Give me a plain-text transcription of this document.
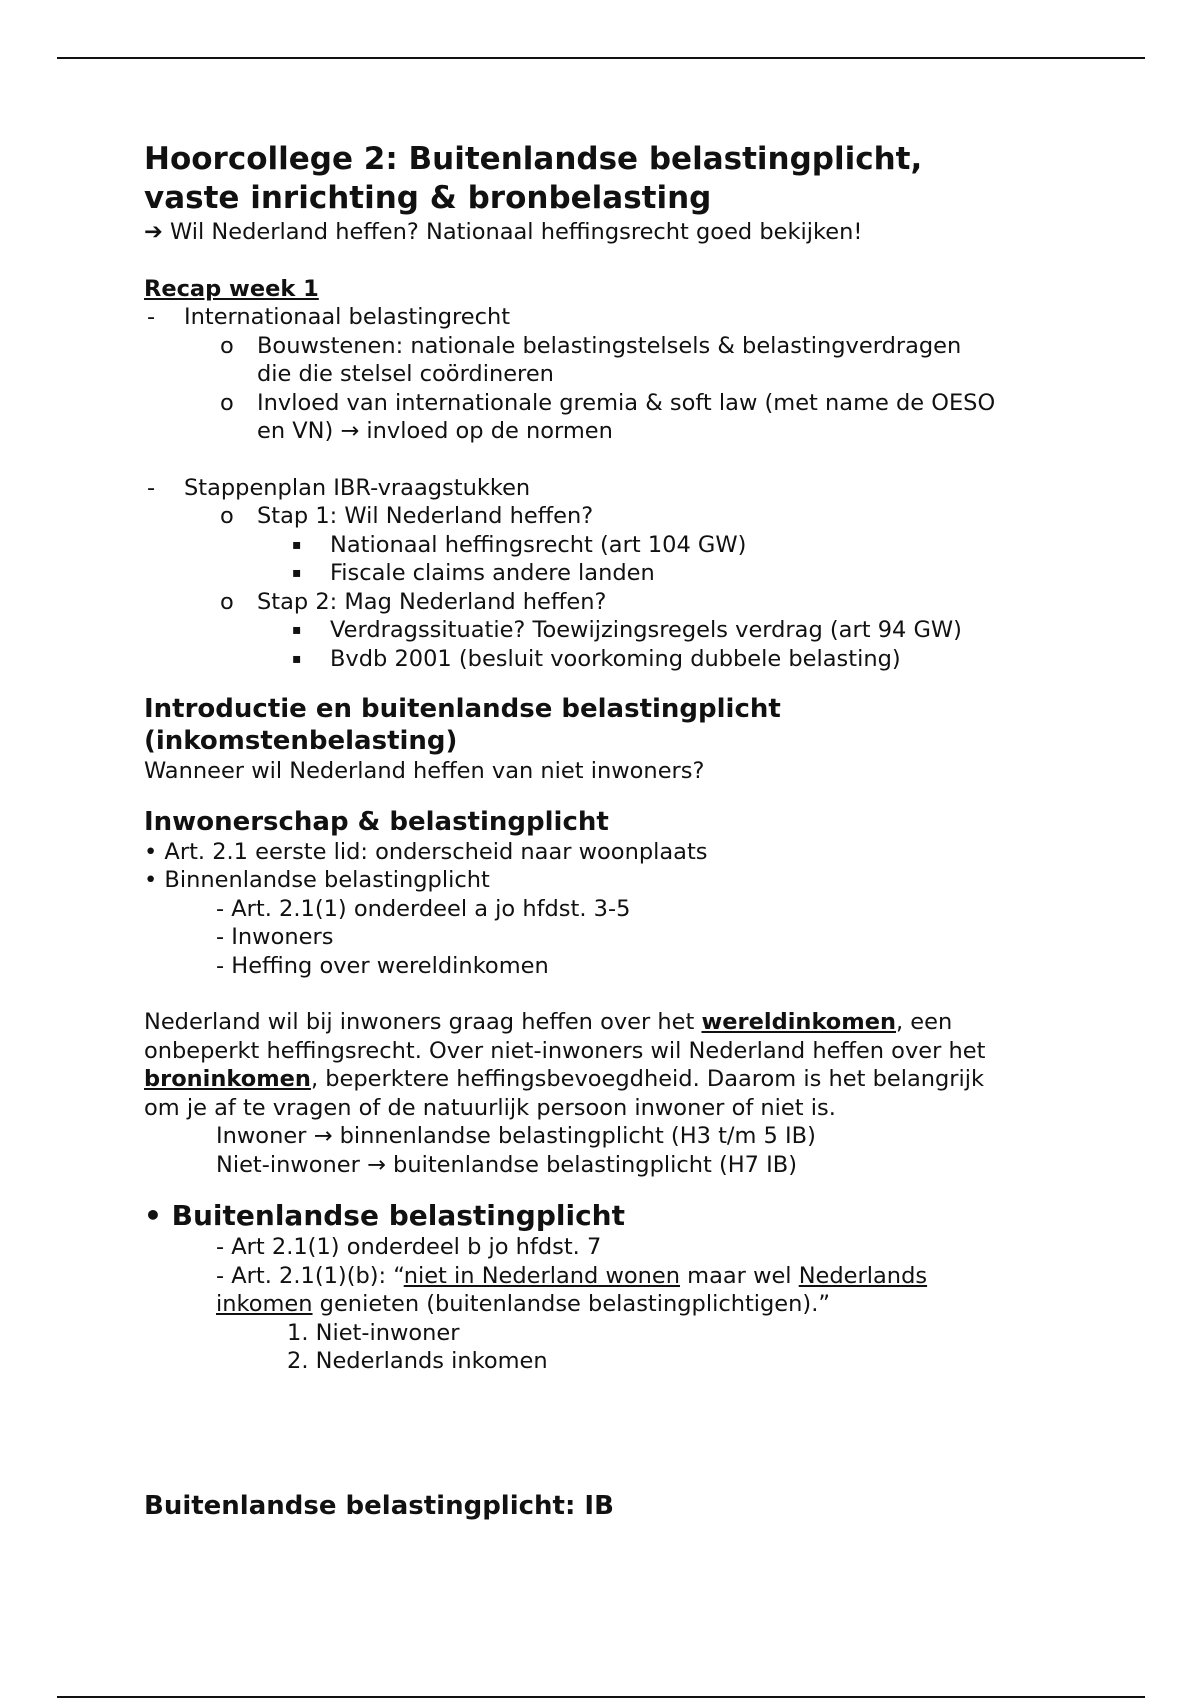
Hoorcollege 2: Buitenlandse belastingplicht,
vaste inrichting & bronbelasting

➔ Wil Nederland heffen? Nationaal heffingsrecht goed bekijken!

Recap week 1

- Internationaal belastingrecht
o Bouwstenen: nationale belastingstelsels & belastingverdragen
die die stelsel coördineren
o Invloed van internationale gremia & soft law (met name de OESO
en VN) → invloed op de normen
- Stappenplan IBR-vraagstukken
o Stap 1: Wil Nederland heffen?
▪ Nationaal heffingsrecht (art 104 GW)
▪ Fiscale claims andere landen
o Stap 2: Mag Nederland heffen?
▪ Verdragssituatie? Toewijzingsregels verdrag (art 94 GW)
▪ Bvdb 2001 (besluit voorkoming dubbele belasting)
Introductie en buitenlandse belastingplicht
(inkomstenbelasting)

Wanneer wil Nederland heffen van niet inwoners?

Inwonerschap & belastingplicht

• Art. 2.1 eerste lid: onderscheid naar woonplaats

• Binnenlandse belastingplicht

- Art. 2.1(1) onderdeel a jo hfdst. 3-5

- Inwoners

- Heffing over wereldinkomen

Nederland wil bij inwoners graag heffen over het wereldinkomen, een

onbeperkt heffingsrecht. Over niet-inwoners wil Nederland heffen over het

broninkomen, beperktere heffingsbevoegdheid. Daarom is het belangrijk

om je af te vragen of de natuurlijk persoon inwoner of niet is.

Inwoner → binnenlandse belastingplicht (H3 t/m 5 IB)

Niet-inwoner → buitenlandse belastingplicht (H7 IB)

• Buitenlandse belastingplicht

- Art 2.1(1) onderdeel b jo hfdst. 7

- Art. 2.1(1)(b): “niet in Nederland wonen maar wel Nederlands

inkomen genieten (buitenlandse belastingplichtigen).”

1. Niet-inwoner

2. Nederlands inkomen

Buitenlandse belastingplicht: IB
